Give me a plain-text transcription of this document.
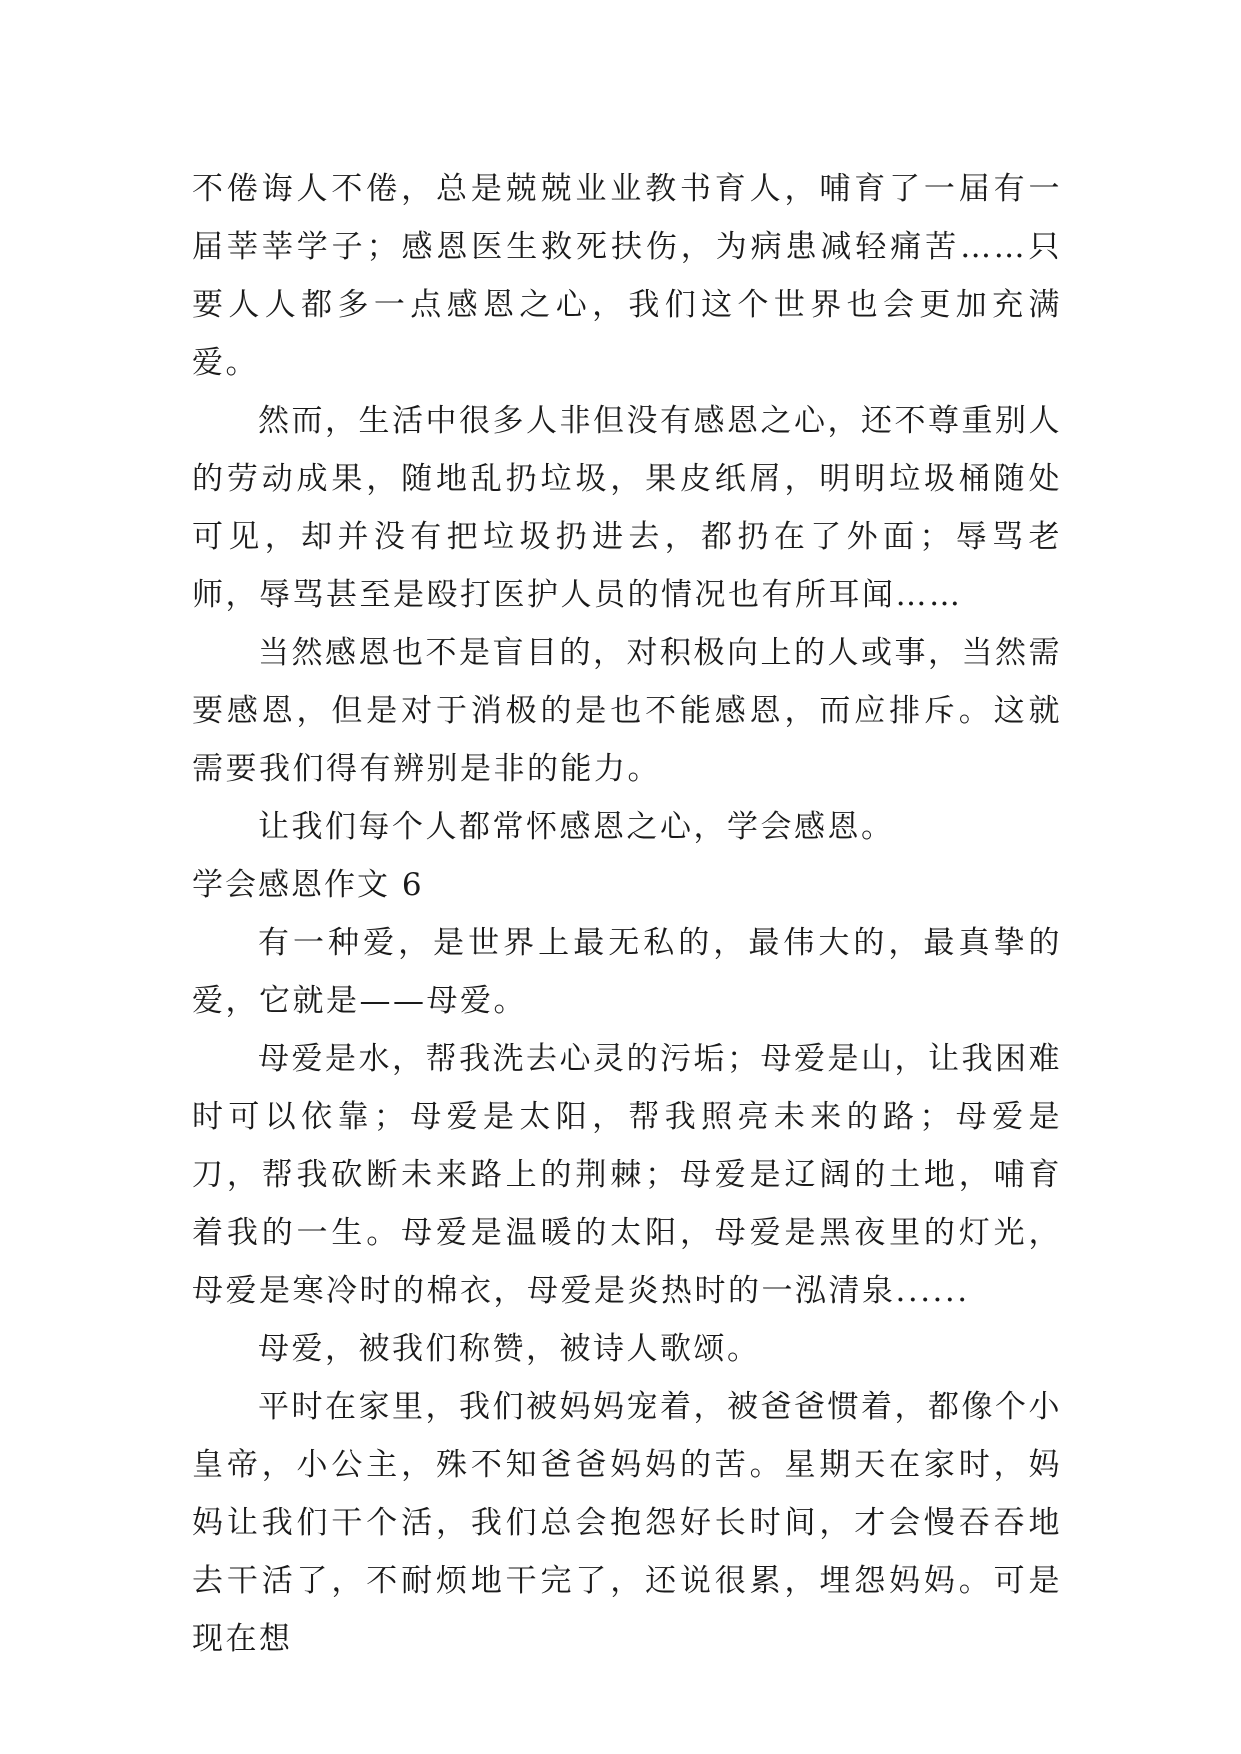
不倦诲人不倦，总是兢兢业业教书育人，哺育了一届有一届莘莘学子；感恩医生救死扶伤，为病患减轻痛苦……只要人人都多一点感恩之心，我们这个世界也会更加充满爱。

然而，生活中很多人非但没有感恩之心，还不尊重别人的劳动成果，随地乱扔垃圾，果皮纸屑，明明垃圾桶随处可见，却并没有把垃圾扔进去，都扔在了外面；辱骂老师，辱骂甚至是殴打医护人员的情况也有所耳闻……

当然感恩也不是盲目的，对积极向上的人或事，当然需要感恩，但是对于消极的是也不能感恩，而应排斥。这就需要我们得有辨别是非的能力。

让我们每个人都常怀感恩之心，学会感恩。

学会感恩作文 6

有一种爱，是世界上最无私的，最伟大的，最真挚的爱，它就是——母爱。

母爱是水，帮我洗去心灵的污垢；母爱是山，让我困难时可以依靠；母爱是太阳，帮我照亮未来的路；母爱是刀，帮我砍断未来路上的荆棘；母爱是辽阔的土地，哺育着我的一生。母爱是温暖的太阳，母爱是黑夜里的灯光，母爱是寒冷时的棉衣，母爱是炎热时的一泓清泉......

母爱，被我们称赞，被诗人歌颂。

平时在家里，我们被妈妈宠着，被爸爸惯着，都像个小皇帝，小公主，殊不知爸爸妈妈的苦。星期天在家时，妈妈让我们干个活，我们总会抱怨好长时间，才会慢吞吞地去干活了，不耐烦地干完了，还说很累，埋怨妈妈。可是现在想
